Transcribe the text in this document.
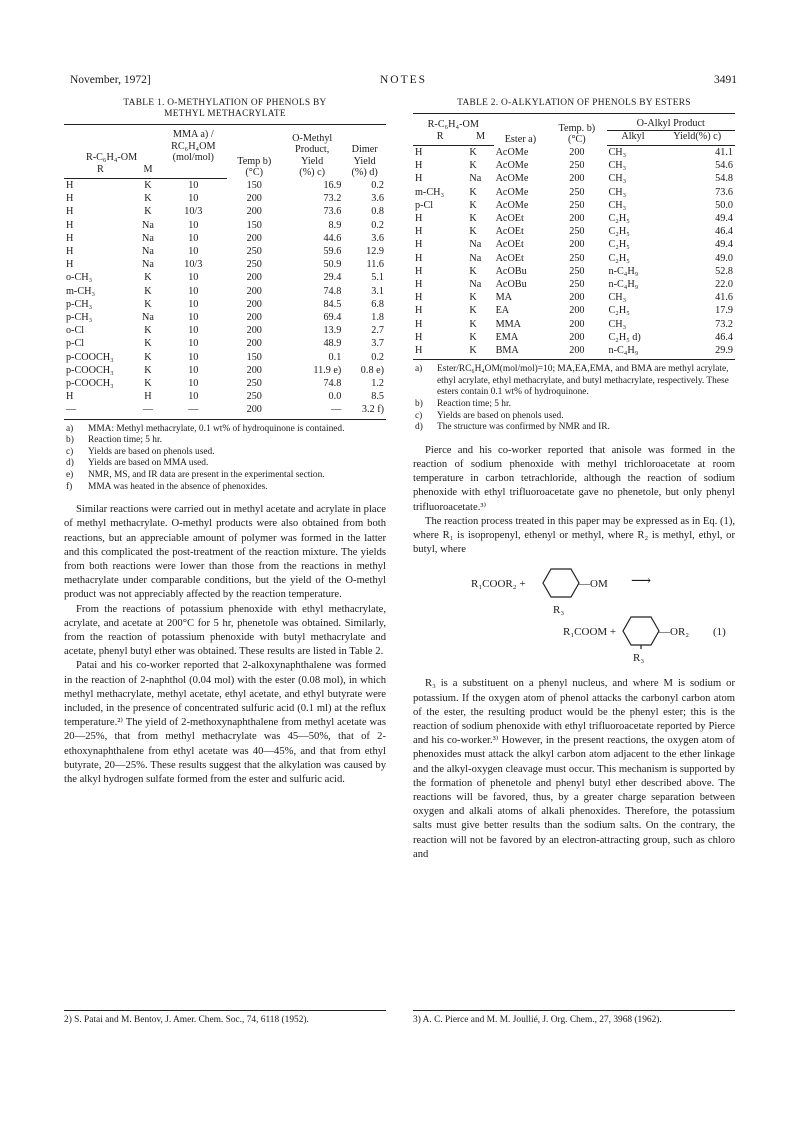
November, 1972]	NOTES	3491
TABLE 1. O-METHYLATION OF PHENOLS BY
METHYL METHACRYLATE
R-C₆H₄-OM		MMA a) /
RC₆H₄OM
(mol/mol)	Temp b)
(°C)	O-Methyl
Product,
Yield
(%) c)	Dimer
Yield
(%) d)
R	M				
H	K	10	150	16.9	0.2
H	K	10	200	73.2	3.6
H	K	10/3	200	73.6	0.8
H	Na	10	150	8.9	0.2
H	Na	10	200	44.6	3.6
H	Na	10	250	59.6	12.9
H	Na	10/3	250	50.9	11.6
o-CH₃	K	10	200	29.4	5.1
m-CH₃	K	10	200	74.8	3.1
p-CH₃	K	10	200	84.5	6.8
p-CH₃	Na	10	200	69.4	1.8
o-Cl	K	10	200	13.9	2.7
p-Cl	K	10	200	48.9	3.7
p-COOCH₃	K	10	150	0.1	0.2
p-COOCH₃	K	10	200	11.9 e)	0.8 e)
p-COOCH₃	K	10	250	74.8	1.2
H	H	10	250	0.0	8.5
—	—	—	200	—	3.2 f)
a)	MMA: Methyl methacrylate, 0.1 wt% of hydroquinone is contained.
b)	Reaction time; 5 hr.
c)	Yields are based on phenols used.
d)	Yields are based on MMA used.
e)	NMR, MS, and IR data are present in the experimental section.
f)	MMA was heated in the absence of phenoxides.

Similar reactions were carried out in methyl acetate and acrylate in place of methyl methacrylate. O-methyl products were also obtained from both reactions, but an appreciable amount of polymer was formed in the latter and this complicated the post-treatment of the reaction mixture. The yields from both reactions were lower than those from the reactions in methyl methacrylate under comparable conditions, but the yield of the O-methyl product was not appreciably affected by the reaction temperature.

From the reactions of potassium phenoxide with ethyl methacrylate, acrylate, and acetate at 200°C for 5 hr, phenetole was obtained. Similarly, from the reaction of potassium phenoxide with butyl methacrylate and acetate, phenyl butyl ether was obtained. These results are listed in Table 2.

Patai and his co-worker reported that 2-alkoxynaphthalene was formed in the reaction of 2-naphthol (0.04 mol) with the ester (0.08 mol), in which methyl methacrylate, methyl acetate, ethyl acetate, and ethyl butyrate were included, in the presence of concentrated sulfuric acid (0.1 ml) at the reflux temperature.²⁾ The yield of 2-methoxynaphthalene from methyl acetate was 20—25%, that from methyl methacrylate was 45—50%, that of 2-ethoxynaphthalene from ethyl acetate was 40—45%, and that from ethyl butyrate, 20—25%. These results suggest that the alkylation was caused by the alkyl hydrogen sulfate formed from the ester and sulfuric acid.

TABLE 2. O-ALKYLATION OF PHENOLS BY ESTERS
R-C₆H₄-OM		Ester a)	Temp. b)
(°C)	O-Alkyl Product	
R	M			Alkyl	Yield(%) c)
H	K	AcOMe	200	CH₃	41.1
H	K	AcOMe	250	CH₃	54.6
H	Na	AcOMe	200	CH₃	54.8
m-CH₃	K	AcOMe	250	CH₃	73.6
p-Cl	K	AcOMe	250	CH₃	50.0
H	K	AcOEt	200	C₂H₅	49.4
H	K	AcOEt	250	C₂H₅	46.4
H	Na	AcOEt	200	C₂H₅	49.4
H	Na	AcOEt	250	C₂H₅	49.0
H	K	AcOBu	250	n-C₄H₉	52.8
H	Na	AcOBu	250	n-C₄H₉	22.0
H	K	MA	200	CH₃	41.6
H	K	EA	200	C₂H₅	17.9
H	K	MMA	200	CH₃	73.2
H	K	EMA	200	C₂H₅ d)	46.4
H	K	BMA	200	n-C₄H₉	29.9
a)	Ester/RC₆H₄OM(mol/mol)=10; MA,EA,EMA, and BMA are methyl acrylate, ethyl acrylate, ethyl methacrylate, and butyl methacrylate, respectively. These esters contain 0.1 wt% of hydroquinone.
b)	Reaction time; 5 hr.
c)	Yields are based on phenols used.
d)	The structure was confirmed by NMR and IR.

Pierce and his co-worker reported that anisole was formed in the reaction of sodium phenoxide with methyl trichloroacetate at room temperature in carbon tetrachloride, although the reaction of sodium phenoxide with ethyl trifluoroacetate gave no phenetole, but only phenyl trifluoroacetate.³⁾

The reaction process treated in this paper may be expressed as in Eq. (1), where R₁ is isopropenyl, ethenyl or methyl, where R₂ is methyl, ethyl, or butyl, where

R₁COOR₂ +	—OM ⟶
R₃
R₁COOM +	—OR₂
R₃
(1)

R₃ is a substituent on a phenyl nucleus, and where M is sodium or potassium. If the oxygen atom of phenol attacks the carbonyl carbon atom of the ester, the resulting product would be the phenyl ester; this is the reaction of sodium phenoxide with ethyl trifluoroacetate reported by Pierce and his co-worker.³⁾ However, in the present reactions, the oxygen atom of phenoxides must attack the alkyl carbon atom adjacent to the ether linkage and the alkyl-oxygen cleavage must occur. This mechanism is supported by the formation of phenetole and phenyl butyl ether described above. The reactions will be favored, thus, by a greater charge separation between oxygen and alkali atoms of alkali phenoxides. Therefore, the potassium salts must give better results than the sodium salts. On the contrary, the reaction will not be favored by an electron-attracting group, such as chloro and

2) S. Patai and M. Bentov, J. Amer. Chem. Soc., 74, 6118 (1952).	3) A. C. Pierce and M. M. Joullié, J. Org. Chem., 27, 3968 (1962).
